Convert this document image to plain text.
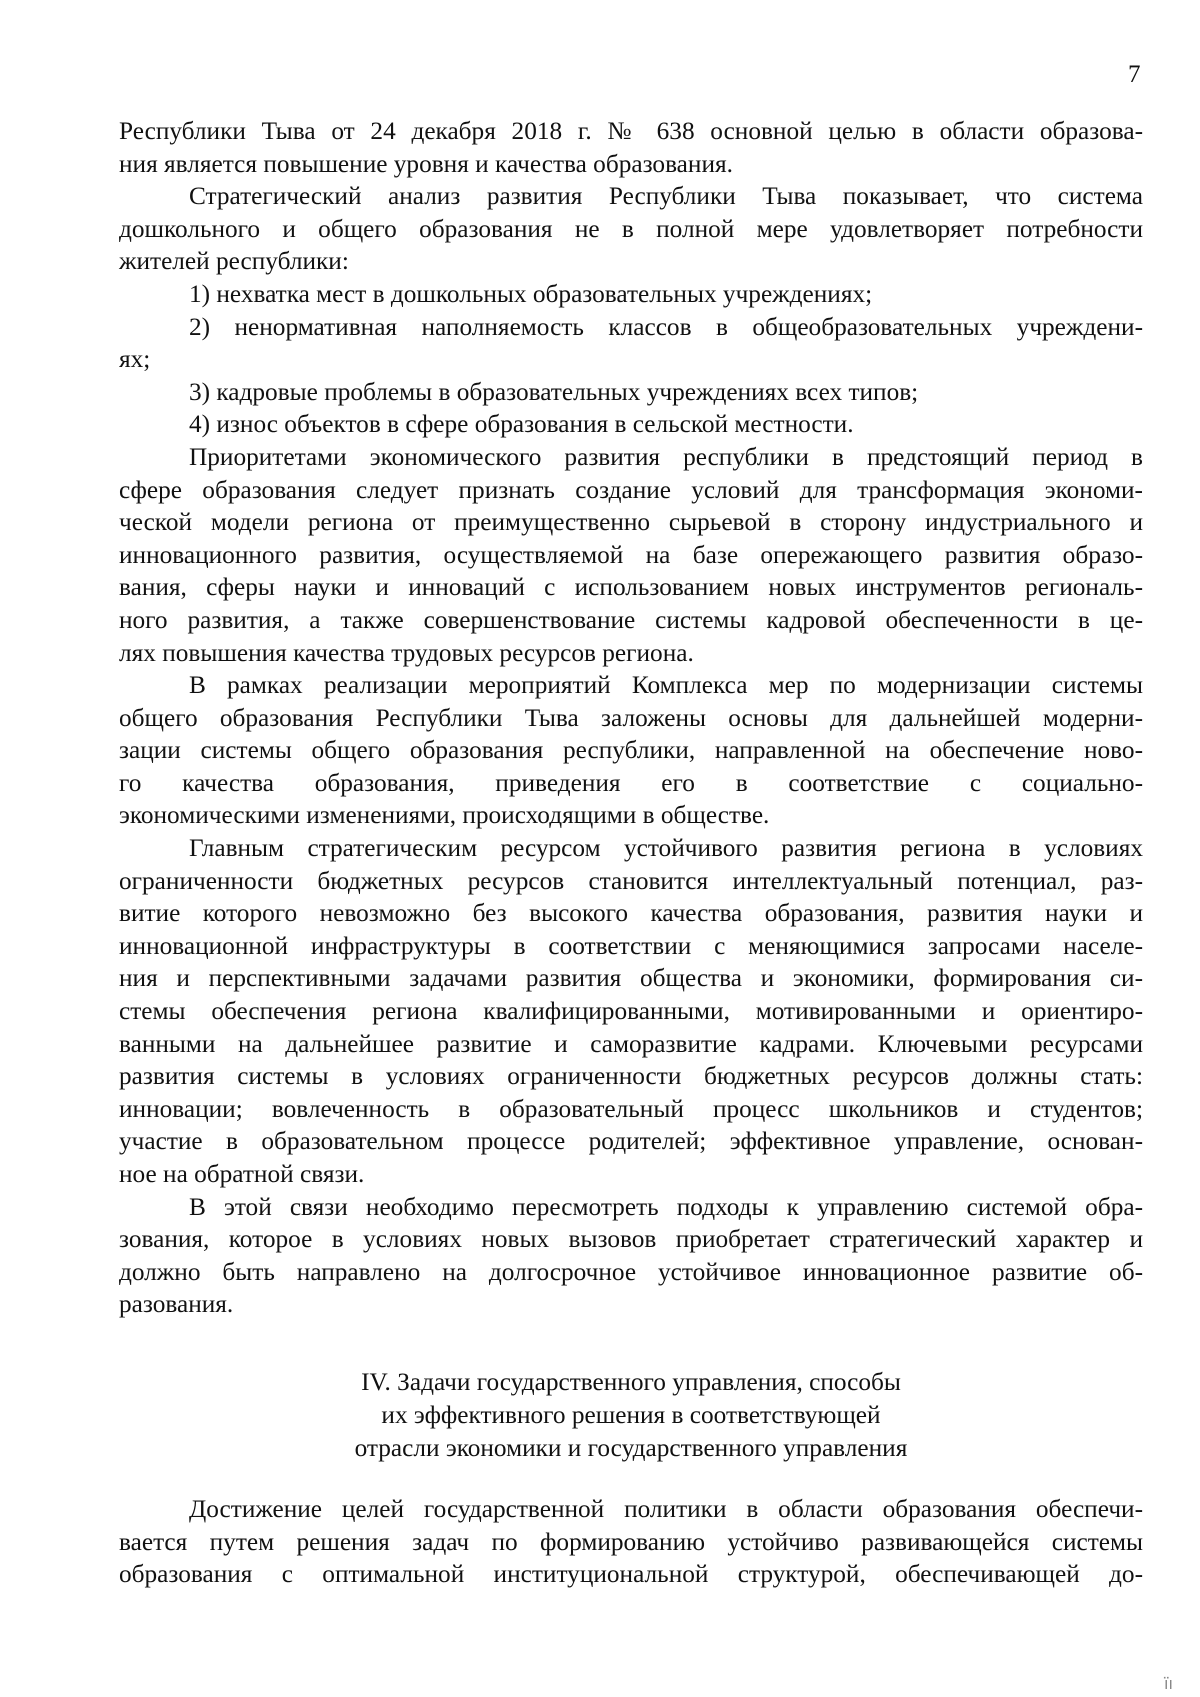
7
Республики Тыва от 24 декабря 2018 г. № 638 основной целью в области образова-
ния является повышение уровня и качества образования.
Стратегический анализ развития Республики Тыва показывает, что система
дошкольного и общего образования не в полной мере удовлетворяет потребности
жителей республики:
1) нехватка мест в дошкольных образовательных учреждениях;
2) ненормативная наполняемость классов в общеобразовательных учреждени-
ях;
3) кадровые проблемы в образовательных учреждениях всех типов;
4) износ объектов в сфере образования в сельской местности.
Приоритетами экономического развития республики в предстоящий период в
сфере образования следует признать создание условий для трансформация экономи-
ческой модели региона от преимущественно сырьевой в сторону индустриального и
инновационного развития, осуществляемой на базе опережающего развития образо-
вания, сферы науки и инноваций с использованием новых инструментов региональ-
ного развития, а также совершенствование системы кадровой обеспеченности в це-
лях повышения качества трудовых ресурсов региона.
В рамках реализации мероприятий Комплекса мер по модернизации системы
общего образования Республики Тыва заложены основы для дальнейшей модерни-
зации системы общего образования республики, направленной на обеспечение ново-
го качества образования, приведения его в соответствие с социально-
экономическими изменениями, происходящими в обществе.
Главным стратегическим ресурсом устойчивого развития региона в условиях
ограниченности бюджетных ресурсов становится интеллектуальный потенциал, раз-
витие которого невозможно без высокого качества образования, развития науки и
инновационной инфраструктуры в соответствии с меняющимися запросами населе-
ния и перспективными задачами развития общества и экономики, формирования си-
стемы обеспечения региона квалифицированными, мотивированными и ориентиро-
ванными на дальнейшее развитие и саморазвитие кадрами. Ключевыми ресурсами
развития системы в условиях ограниченности бюджетных ресурсов должны стать:
инновации; вовлеченность в образовательный процесс школьников и студентов;
участие в образовательном процессе родителей; эффективное управление, основан-
ное на обратной связи.
В этой связи необходимо пересмотреть подходы к управлению системой обра-
зования, которое в условиях новых вызовов приобретает стратегический характер и
должно быть направлено на долгосрочное устойчивое инновационное развитие об-
разования.
IV. Задачи государственного управления, способы
их эффективного решения в соответствующей
отрасли экономики и государственного управления
Достижение целей государственной политики в области образования обеспечи-
вается путем решения задач по формированию устойчиво развивающейся системы
образования с оптимальной институциональной структурой, обеспечивающей до-
ı̈ı
